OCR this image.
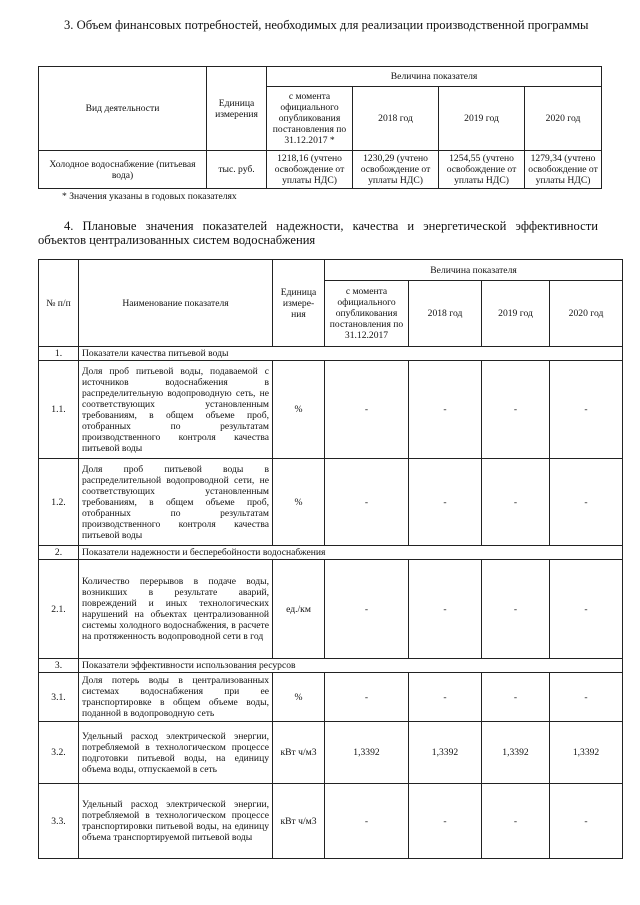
3. Объем финансовых потребностей, необходимых для реализации производственной программы

Вид деятельности	Единица измерения	Величина показателя			
		с момента официального опубликования постановления по 31.12.2017 *	2018 год	2019 год	2020 год
Холодное водоснабжение (питьевая вода)	тыс. руб.	1218,16 (учтено освобождение от уплаты НДС)	1230,29 (учтено освобождение от уплаты НДС)	1254,55 (учтено освобождение от уплаты НДС)	1279,34 (учтено освобождение от уплаты НДС)

* Значения указаны в годовых показателях

4. Плановые значения показателей надежности, качества и энергетической эффективности объектов централизованных систем водоснабжения

№ п/п	Наименование показателя	Единица измере-ния	Величина показателя			
			с момента официального опубликования постановления по 31.12.2017	2018 год	2019 год	2020 год
1.	Показатели качества питьевой воды					
1.1.	Доля проб питьевой воды, подаваемой с источников водоснабжения в распределительную водопроводную сеть, не соответствующих установленным требованиям, в общем объеме проб, отобранных по результатам производственного контроля качества питьевой воды	%	-	-	-	-
1.2.	Доля проб питьевой воды в распределительной водопроводной сети, не соответствующих установленным требованиям, в общем объеме проб, отобранных по результатам производственного контроля качества питьевой воды	%	-	-	-	-
2.	Показатели надежности и бесперебойности водоснабжения					
2.1.	Количество перерывов в подаче воды, возникших в результате аварий, повреждений и иных технологических нарушений на объектах централизованной системы холодного водоснабжения, в расчете на протяженность водопроводной сети в год	ед./км	-	-	-	-
3.	Показатели эффективности использования ресурсов					
3.1.	Доля потерь воды в централизованных системах водоснабжения при ее транспортировке в общем объеме воды, поданной в водопроводную сеть	%	-	-	-	-
3.2.	Удельный расход электрической энергии, потребляемой в технологическом процессе подготовки питьевой воды, на единицу объема воды, отпускаемой в сеть	кВт ч/м3	1,3392	1,3392	1,3392	1,3392
3.3.	Удельный расход электрической энергии, потребляемой в технологическом процессе транспортировки питьевой воды, на единицу объема транспортируемой питьевой воды	кВт ч/м3	-	-	-	-
